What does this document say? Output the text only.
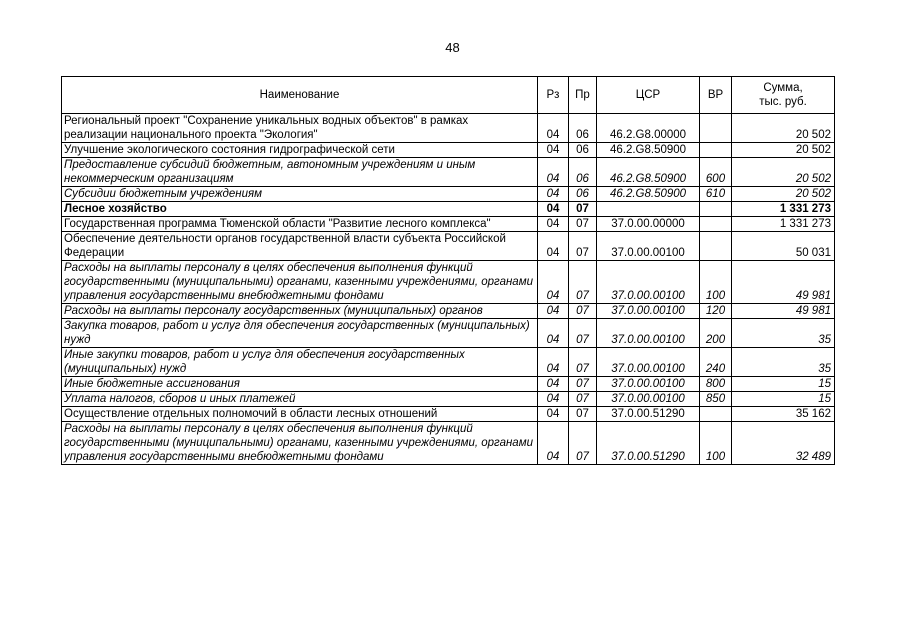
48
Наименование	Рз	Пр	ЦСР	ВР	Сумма,
тыс. руб.

Региональный проект "Сохранение уникальных водных объектов" в рамках реализации национального проекта "Экология"	04	06	46.2.G8.00000		20 502
Улучшение экологического состояния гидрографической сети	04	06	46.2.G8.50900		20 502
Предоставление субсидий бюджетным, автономным учреждениям и иным некоммерческим организациям	04	06	46.2.G8.50900	600	20 502
Субсидии бюджетным учреждениям	04	06	46.2.G8.50900	610	20 502
Лесное хозяйство	04	07			1 331 273
Государственная программа Тюменской области "Развитие лесного комплекса"	04	07	37.0.00.00000		1 331 273
Обеспечение деятельности органов государственной власти субъекта Российской Федерации	04	07	37.0.00.00100		50 031
Расходы на выплаты персоналу в целях обеспечения выполнения функций государственными (муниципальными) органами, казенными учреждениями, органами управления государственными внебюджетными фондами	04	07	37.0.00.00100	100	49 981
Расходы на выплаты персоналу государственных (муниципальных) органов	04	07	37.0.00.00100	120	49 981
Закупка товаров, работ и услуг для обеспечения государственных (муниципальных) нужд	04	07	37.0.00.00100	200	35
Иные закупки товаров, работ и услуг для обеспечения государственных (муниципальных) нужд	04	07	37.0.00.00100	240	35
Иные бюджетные ассигнования	04	07	37.0.00.00100	800	15
Уплата налогов, сборов и иных платежей	04	07	37.0.00.00100	850	15
Осуществление отдельных полномочий в области лесных отношений	04	07	37.0.00.51290		35 162
Расходы на выплаты персоналу в целях обеспечения выполнения функций государственными (муниципальными) органами, казенными учреждениями, органами управления государственными внебюджетными фондами	04	07	37.0.00.51290	100	32 489
